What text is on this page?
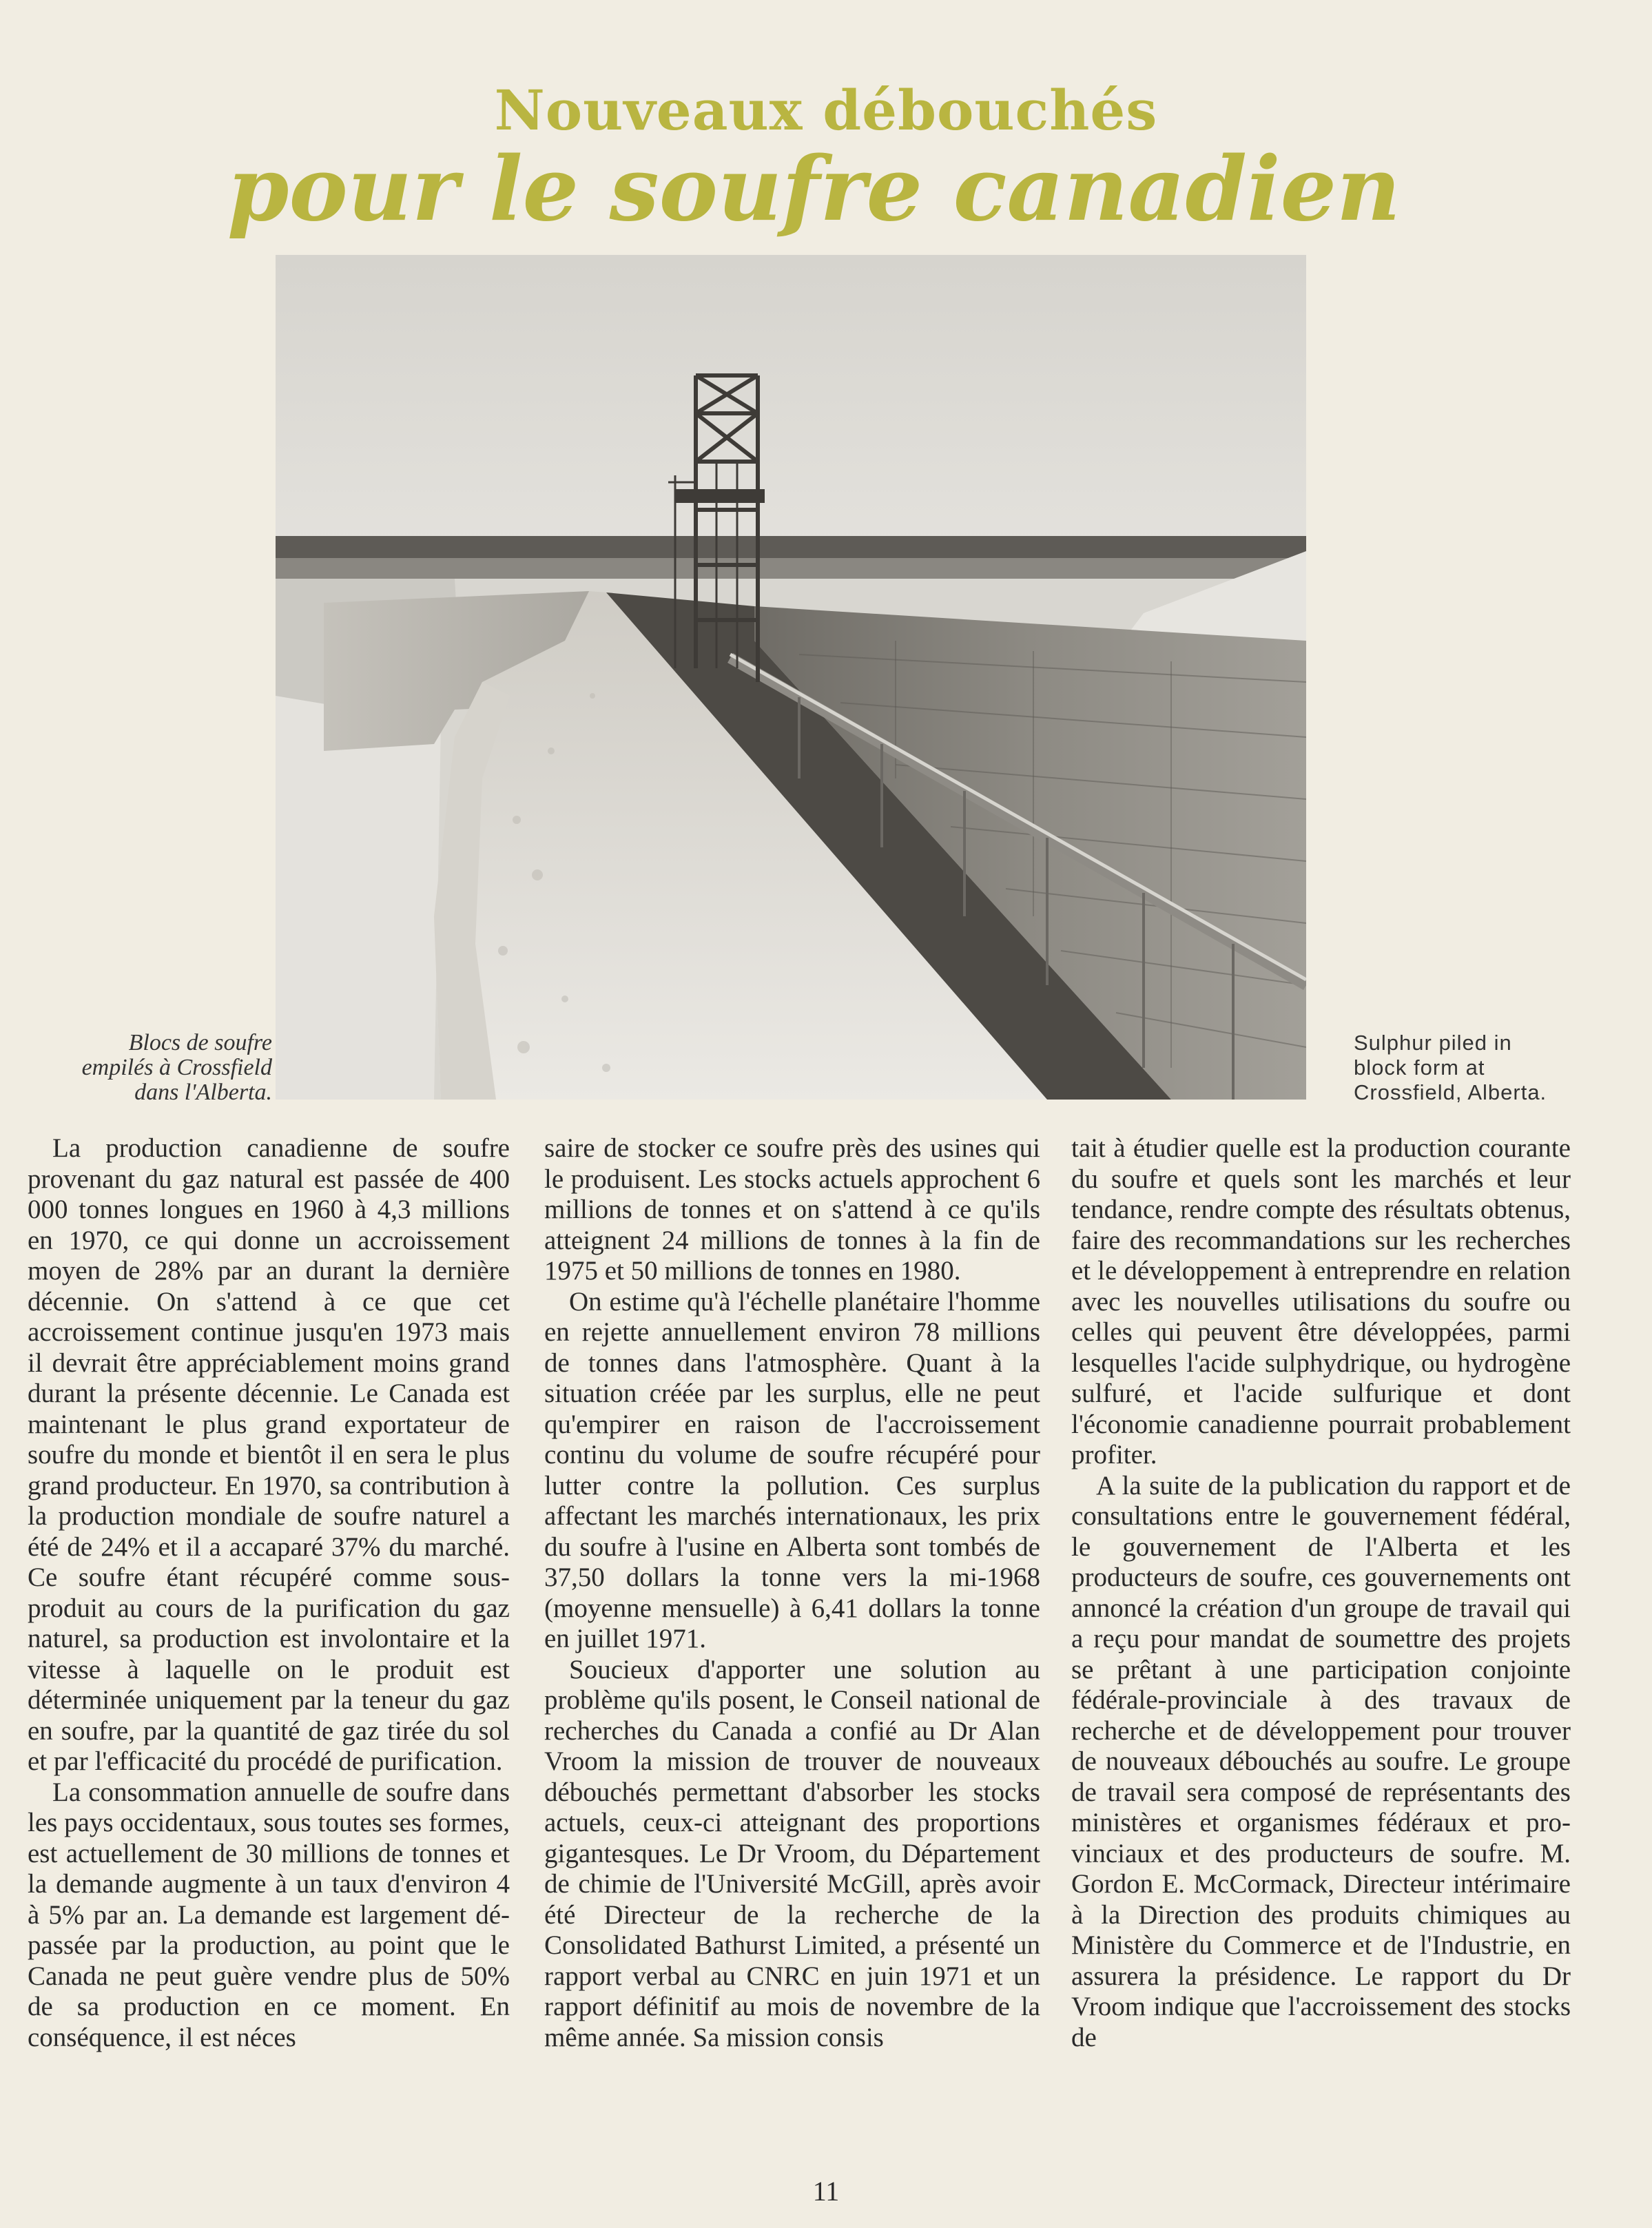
Nouveaux débouchés
pour le soufre canadien
Blocs de soufre
empilés à Crossfield
dans l'Alberta.
Sulphur piled in
block form at
Crossfield, Alberta.

La production canadienne de soufre provenant du gaz natural est passée de 400 000 tonnes longues en 1960 à 4,3 millions en 1970, ce qui donne un accroissement moyen de 28% par an durant la dernière décennie. On s'attend à ce que cet accroissement continue jusqu'en 1973 mais il devrait être appréciablement moins grand durant la présente décennie. Le Canada est maintenant le plus grand exportateur de soufre du monde et bientôt il en sera le plus grand producteur. En 1970, sa contribution à la production mondiale de soufre naturel a été de 24% et il a accaparé 37% du marché. Ce soufre étant récupéré comme sous-produit au cours de la purification du gaz naturel, sa production est involontaire et la vitesse à laquelle on le produit est déterminée uniquement par la teneur du gaz en soufre, par la quantité de gaz tirée du sol et par l'efficacité du procédé de purification.

La consommation annuelle de soufre dans les pays occidentaux, sous toutes ses formes, est actuellement de 30 millions de tonnes et la demande augmente à un taux d'environ 4 à 5% par an. La demande est largement dépassée par la production, au point que le Canada ne peut guère vendre plus de 50% de sa production en ce moment. En conséquence, il est néces

saire de stocker ce soufre près des usines qui le produisent. Les stocks actuels approchent 6 millions de tonnes et on s'attend à ce qu'ils atteignent 24 millions de tonnes à la fin de 1975 et 50 millions de tonnes en 1980.

On estime qu'à l'échelle planétaire l'homme en rejette annuellement environ 78 millions de tonnes dans l'atmosphère. Quant à la situation créée par les surplus, elle ne peut qu'empirer en raison de l'accroissement continu du volume de soufre récupéré pour lutter contre la pollution. Ces surplus affectant les marchés internationaux, les prix du soufre à l'usine en Alberta sont tombés de 37,50 dollars la tonne vers la mi-1968 (moyenne mensuelle) à 6,41 dollars la tonne en juillet 1971.

Soucieux d'apporter une solution au problème qu'ils posent, le Conseil national de recherches du Canada a confié au Dr Alan Vroom la mission de trouver de nouveaux débouchés permettant d'absorber les stocks actuels, ceux-ci atteignant des proportions gigantesques. Le Dr Vroom, du Département de chimie de l'Université McGill, après avoir été Directeur de la recherche de la Consolidated Bathurst Limited, a présenté un rapport verbal au CNRC en juin 1971 et un rapport définitif au mois de novembre de la même année. Sa mission consis

tait à étudier quelle est la production courante du soufre et quels sont les marchés et leur tendance, rendre compte des résultats obtenus, faire des recommandations sur les recherches et le développement à entreprendre en relation avec les nouvelles utilisations du soufre ou celles qui peuvent être développées, parmi lesquelles l'acide sulphydrique, ou hydrogène sulfuré, et l'acide sulfurique et dont l'économie canadienne pourrait probablement profiter.

A la suite de la publication du rapport et de consultations entre le gouvernement fédéral, le gouvernement de l'Alberta et les producteurs de soufre, ces gouvernements ont annoncé la création d'un groupe de travail qui a reçu pour mandat de soumettre des projets se prêtant à une participation conjointe fédérale-provinciale à des travaux de recherche et de développement pour trouver de nouveaux débouchés au soufre. Le groupe de travail sera composé de représentants des ministères et organismes fédéraux et provinciaux et des producteurs de soufre. M. Gordon E. McCormack, Directeur intérimaire à la Direction des produits chimiques au Ministère du Commerce et de l'Industrie, en assurera la présidence. Le rapport du Dr Vroom indique que l'accroissement des stocks de

11
